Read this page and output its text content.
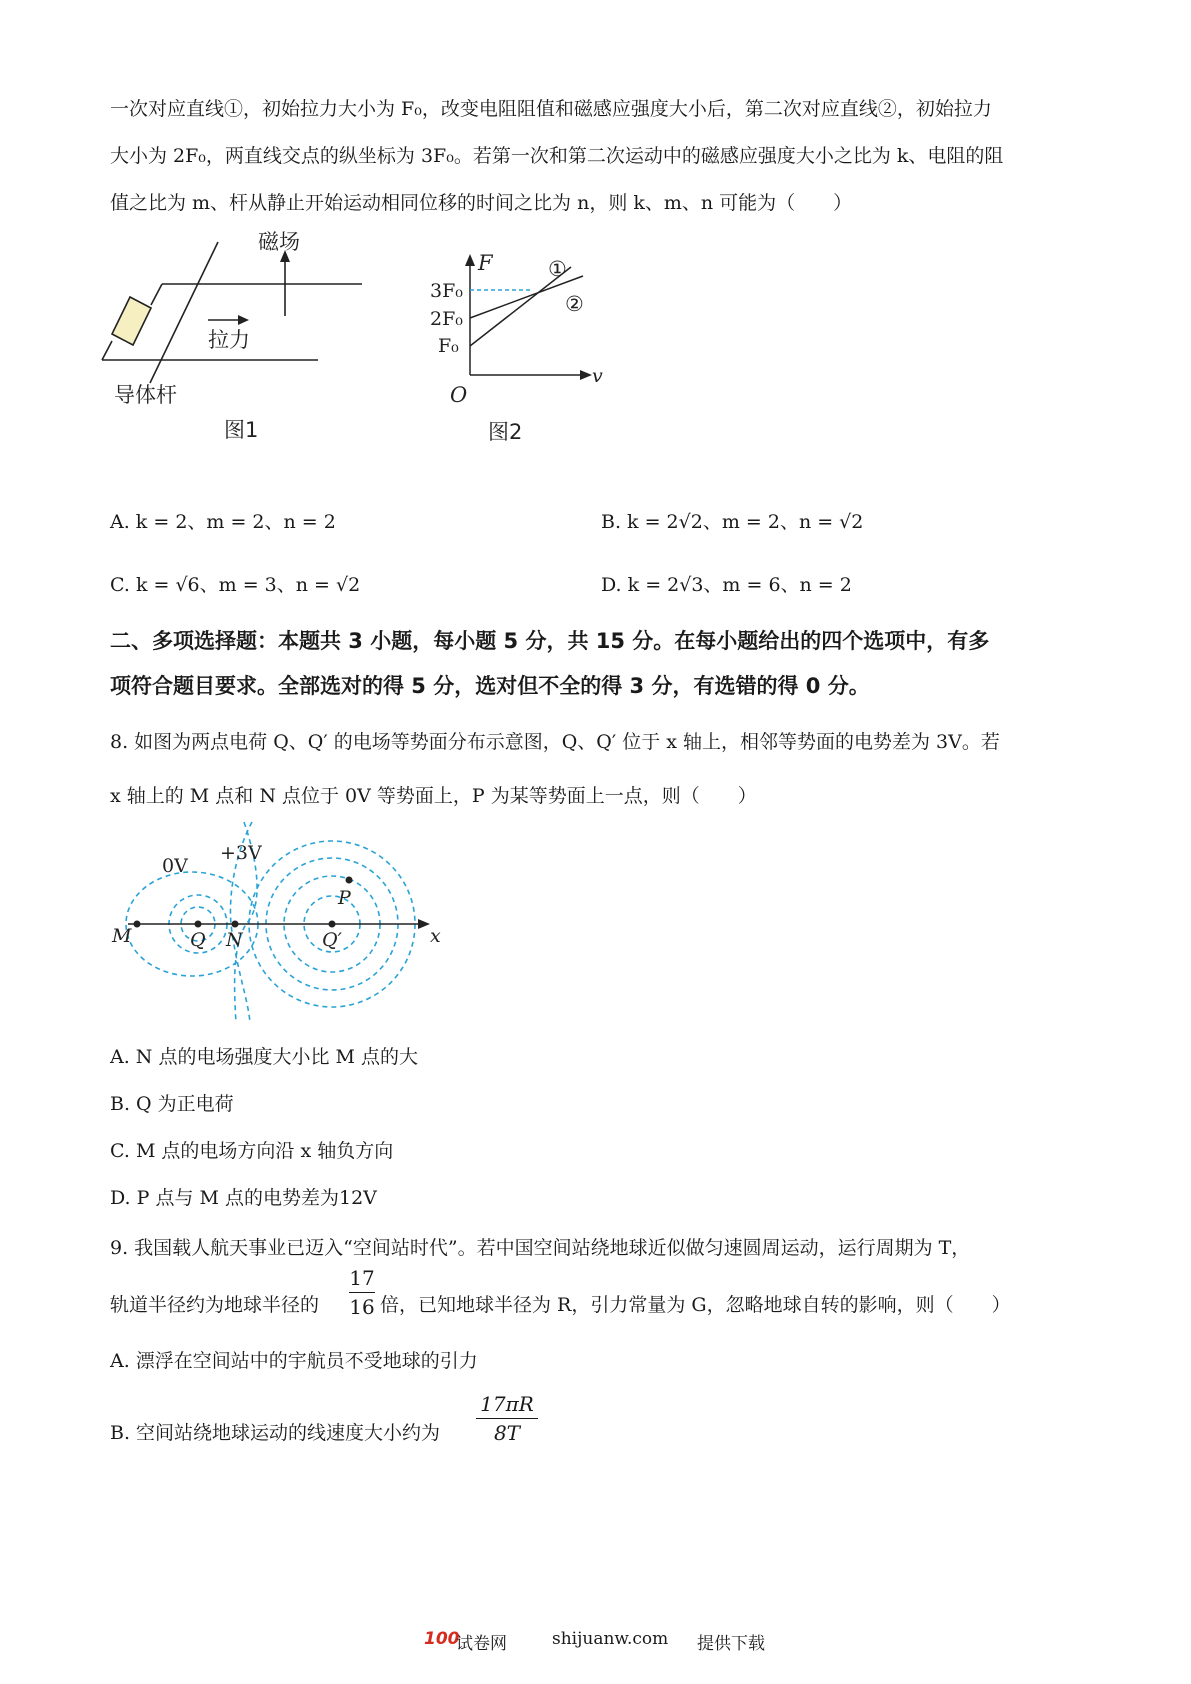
一次对应直线①，初始拉力大小为 F₀，改变电阻阻值和磁感应强度大小后，第二次对应直线②，初始拉力
大小为 2F₀，两直线交点的纵坐标为 3F₀。若第一次和第二次运动中的磁感应强度大小之比为 k、电阻的阻
值之比为 m、杆从静止开始运动相同位移的时间之比为 n，则 k、m、n 可能为（　　）
磁场
拉力
导体杆
图1
F
v
O
3F₀
2F₀
F₀
①
②
图2
A. k = 2、m = 2、n = 2	B. k = 2√2、m = 2、n = √2
C. k = √6、m = 3、n = √2	D. k = 2√3、m = 6、n = 2
二、多项选择题：本题共 3 小题，每小题 5 分，共 15 分。在每小题给出的四个选项中，有多
项符合题目要求。全部选对的得 5 分，选对但不全的得 3 分，有选错的得 0 分。
8. 如图为两点电荷 Q、Q′ 的电场等势面分布示意图，Q、Q′ 位于 x 轴上，相邻等势面的电势差为 3V。若
x 轴上的 M 点和 N 点位于 0V 等势面上，P 为某等势面上一点，则（　　）
0V
+3V
P
M	Q N	Q′	x
A. N 点的电场强度大小比 M 点的大
B. Q 为正电荷
C. M 点的电场方向沿 x 轴负方向
D. P 点与 M 点的电势差为12V
9. 我国载人航天事业已迈入“空间站时代”。若中国空间站绕地球近似做匀速圆周运动，运行周期为 T，
轨道半径约为地球半径的
17
16 倍，已知地球半径为 R，引力常量为 G，忽略地球自转的影响，则（　　）
A. 漂浮在空间站中的宇航员不受地球的引力
B. 空间站绕地球运动的线速度大小约为
17πR
8T
100
试卷网	shijuanw.com 提供下载
